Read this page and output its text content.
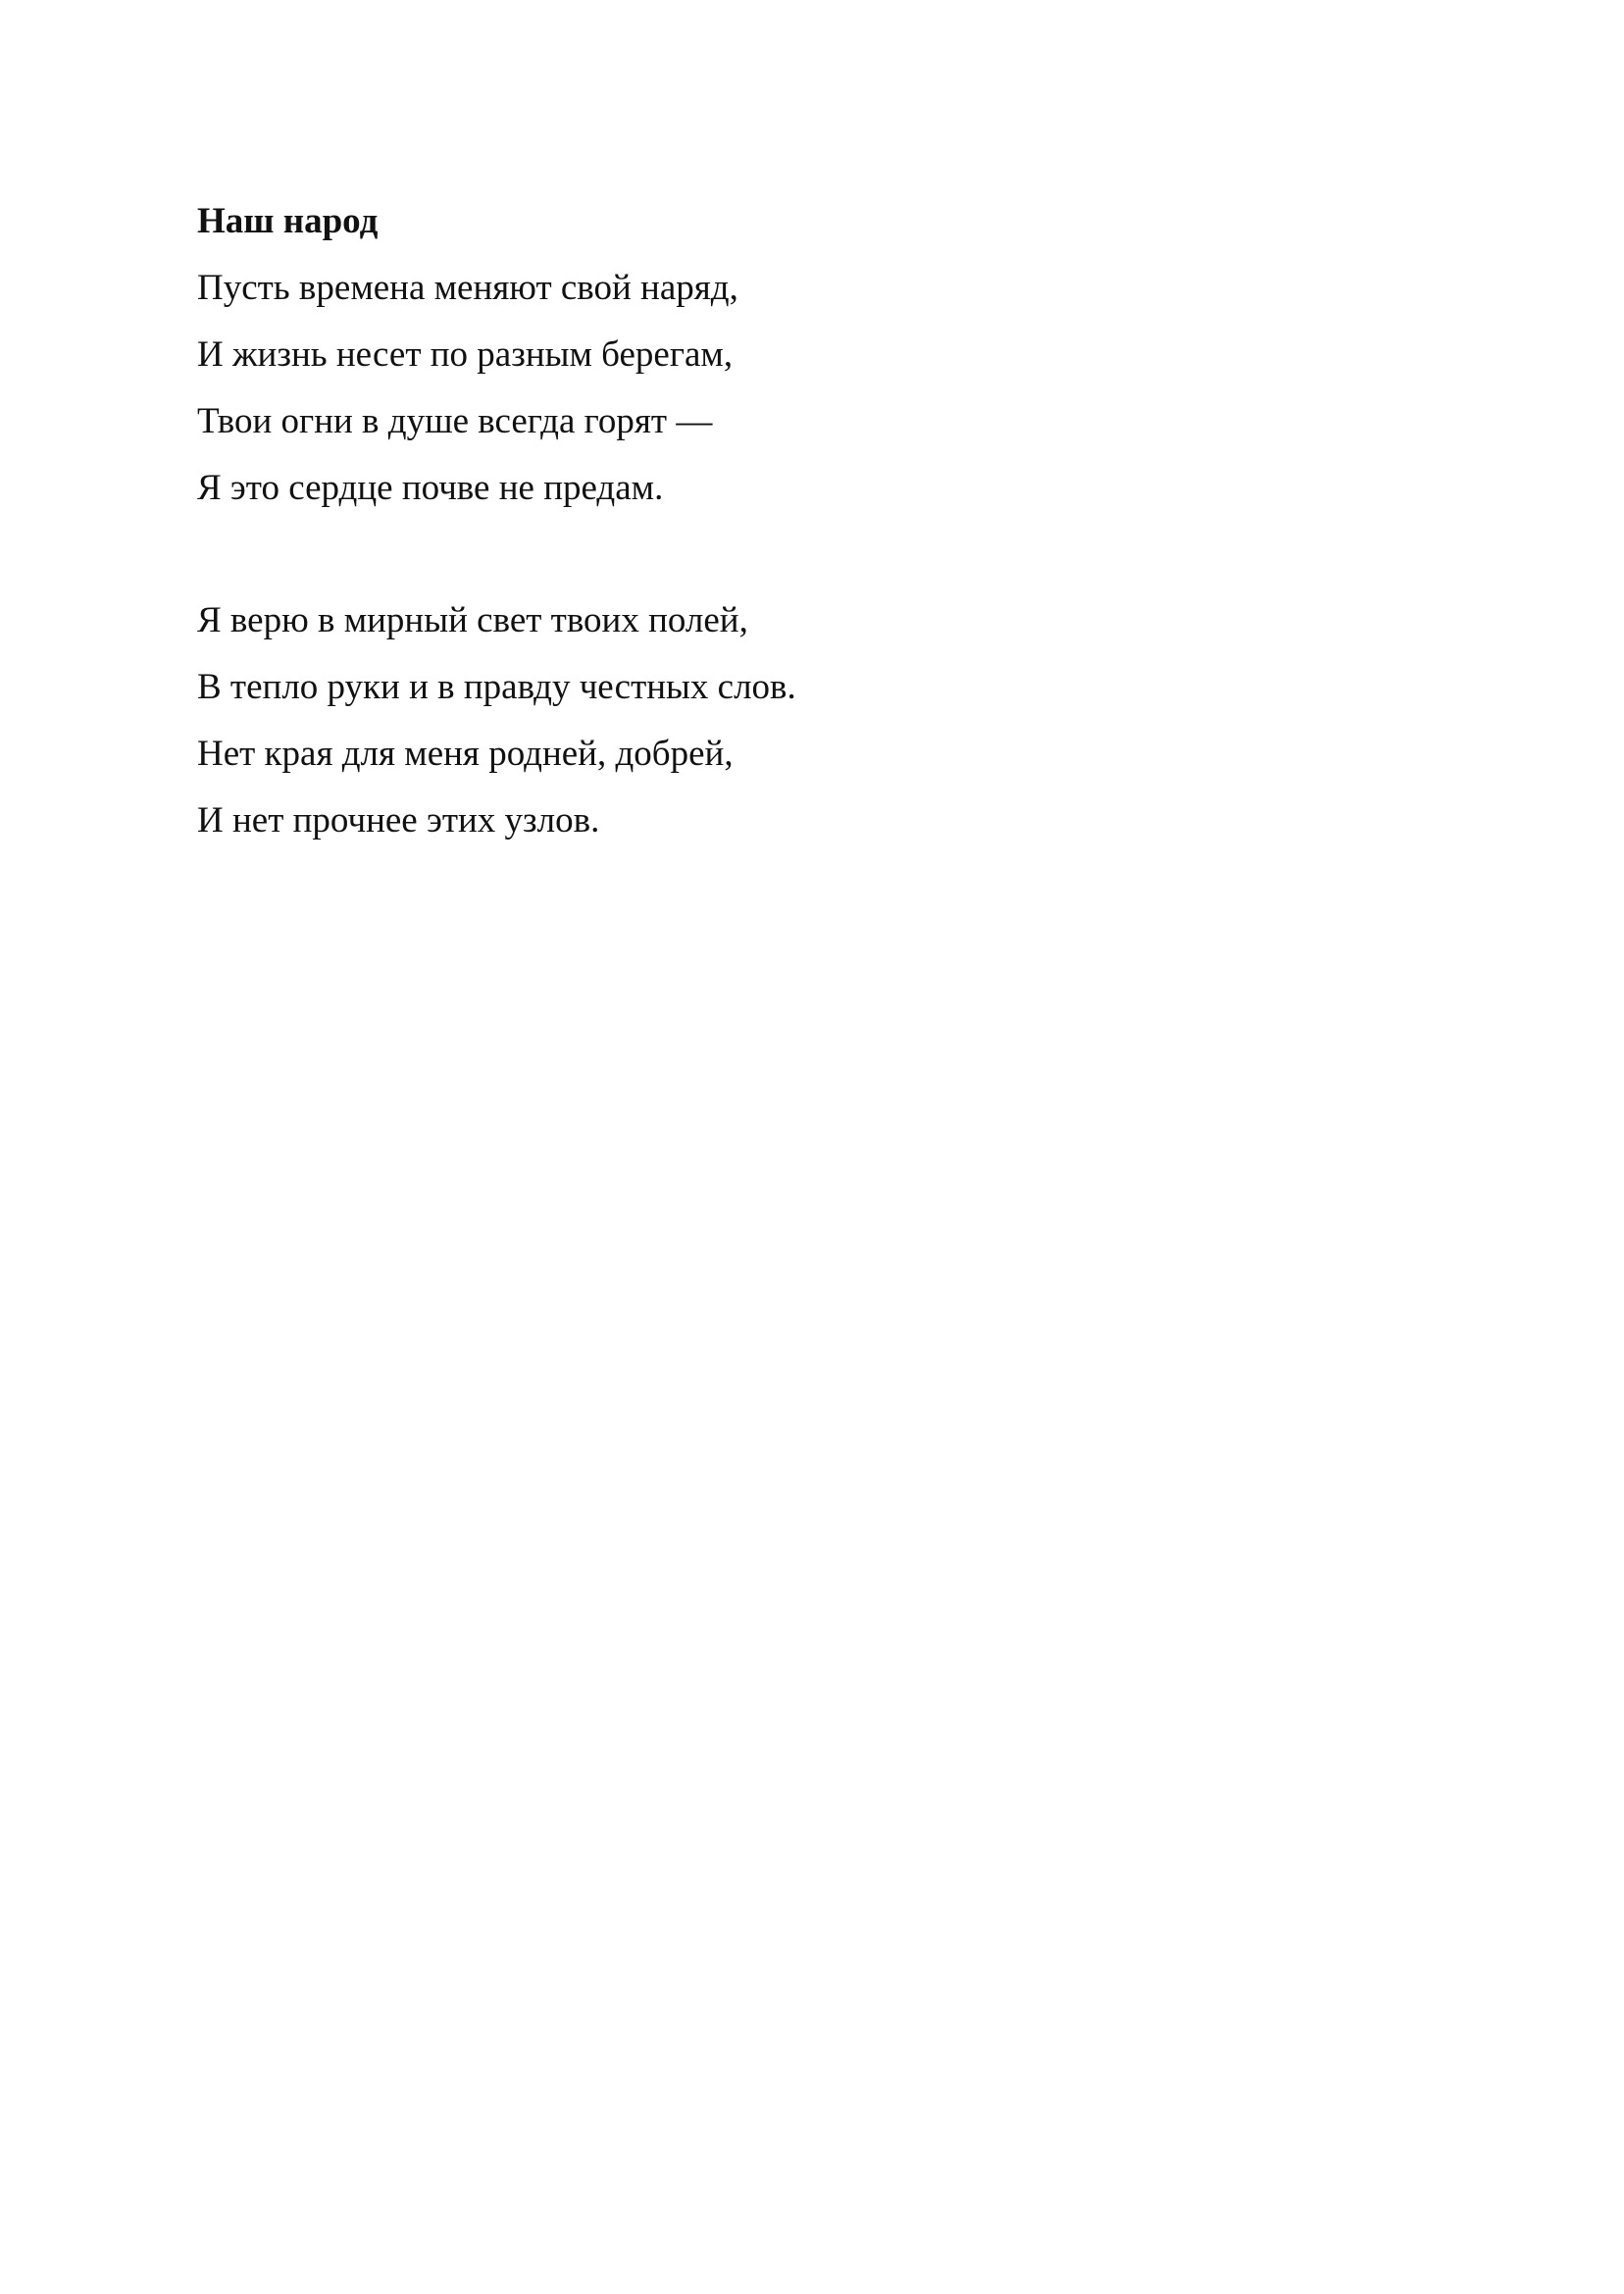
Наш народ
Пусть времена меняют свой наряд,
И жизнь несет по разным берегам,
Твои огни в душе всегда горят —
Я это сердце почве не предам.
Я верю в мирный свет твоих полей,
В тепло руки и в правду честных слов.
Нет края для меня родней, добрей,
И нет прочнее этих узлов.
